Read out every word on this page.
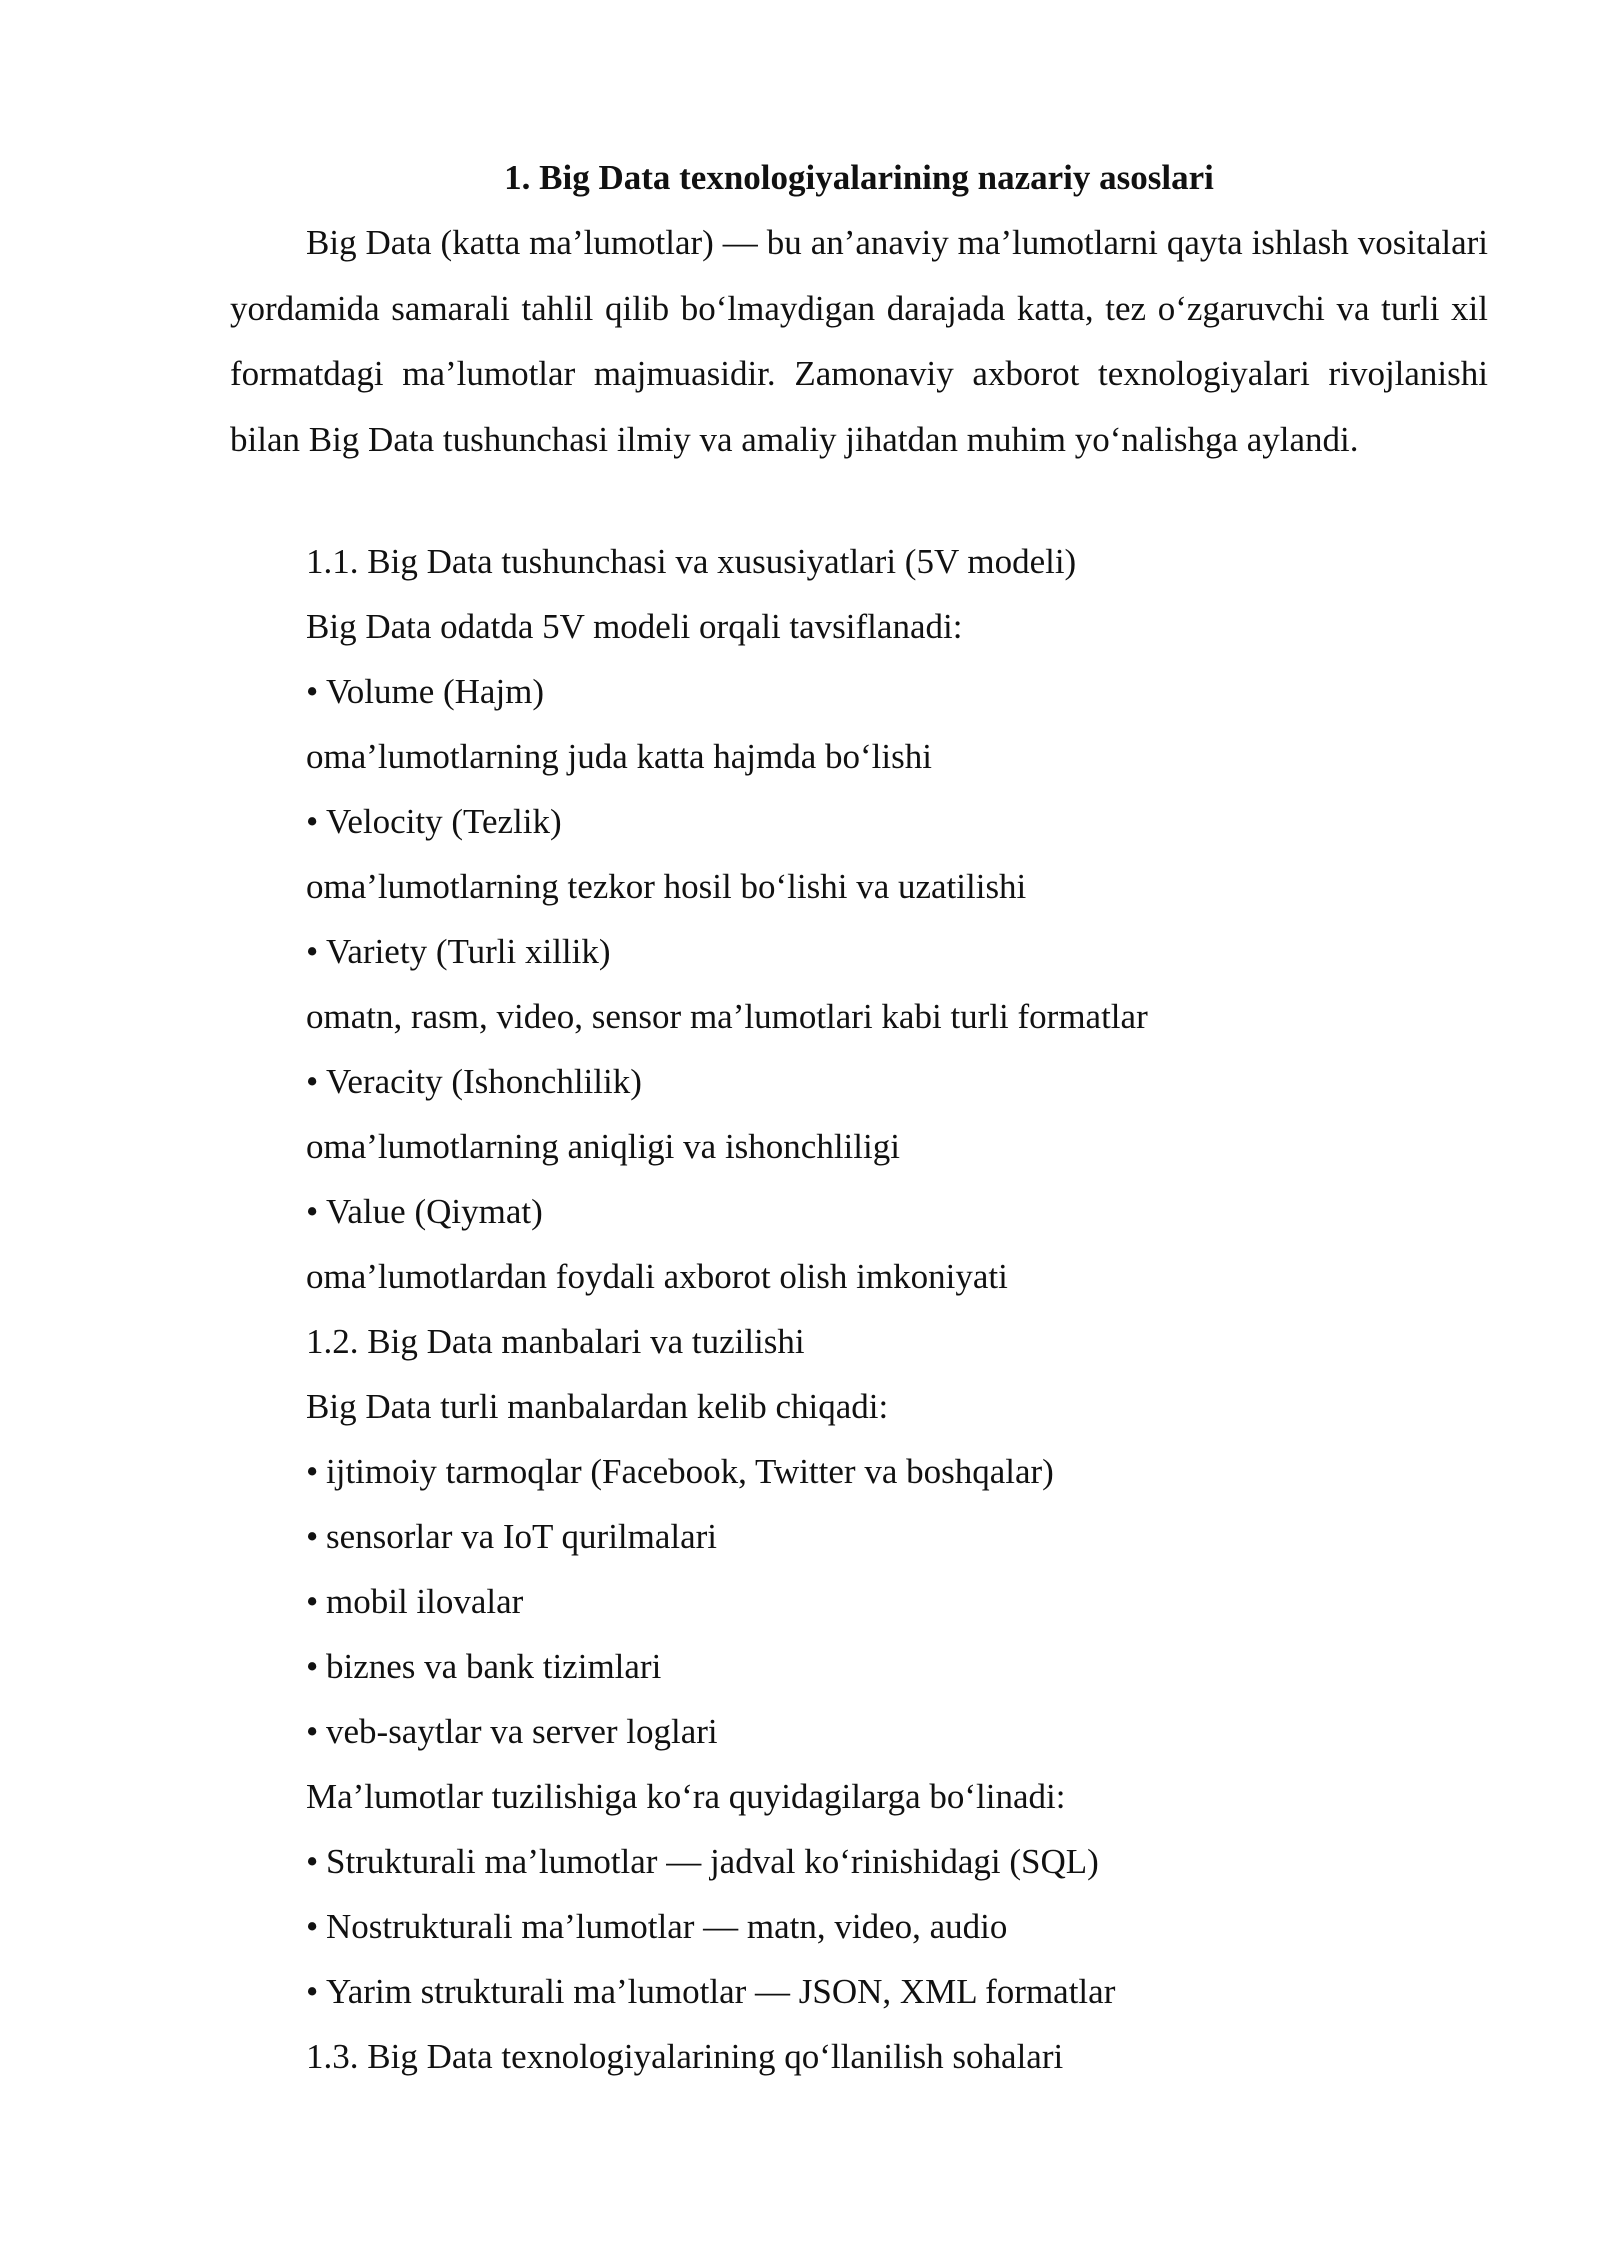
1. Big Data texnologiyalarining nazariy asoslari

Big Data (katta ma’lumotlar) — bu an’anaviy ma’lumotlarni qayta ishlash vositalari yordamida samarali tahlil qilib bo‘lmaydigan darajada katta, tez o‘zgaruvchi va turli xil formatdagi ma’lumotlar majmuasidir. Zamonaviy axborot texnologiyalari rivojlanishi bilan Big Data tushunchasi ilmiy va amaliy jihatdan muhim yo‘nalishga aylandi.

1.1. Big Data tushunchasi va xususiyatlari (5V modeli)
Big Data odatda 5V modeli orqali tavsiflanadi:
• Volume (Hajm)
oma’lumotlarning juda katta hajmda bo‘lishi
• Velocity (Tezlik)
oma’lumotlarning tezkor hosil bo‘lishi va uzatilishi
• Variety (Turli xillik)
omatn, rasm, video, sensor ma’lumotlari kabi turli formatlar
• Veracity (Ishonchlilik)
oma’lumotlarning aniqligi va ishonchliligi
• Value (Qiymat)
oma’lumotlardan foydali axborot olish imkoniyati
1.2. Big Data manbalari va tuzilishi
Big Data turli manbalardan kelib chiqadi:
• ijtimoiy tarmoqlar (Facebook, Twitter va boshqalar)
• sensorlar va IoT qurilmalari
• mobil ilovalar
• biznes va bank tizimlari
• veb-saytlar va server loglari
Ma’lumotlar tuzilishiga ko‘ra quyidagilarga bo‘linadi:
• Strukturali ma’lumotlar — jadval ko‘rinishidagi (SQL)
• Nostrukturali ma’lumotlar — matn, video, audio
• Yarim strukturali ma’lumotlar — JSON, XML formatlar
1.3. Big Data texnologiyalarining qo‘llanilish sohalari
